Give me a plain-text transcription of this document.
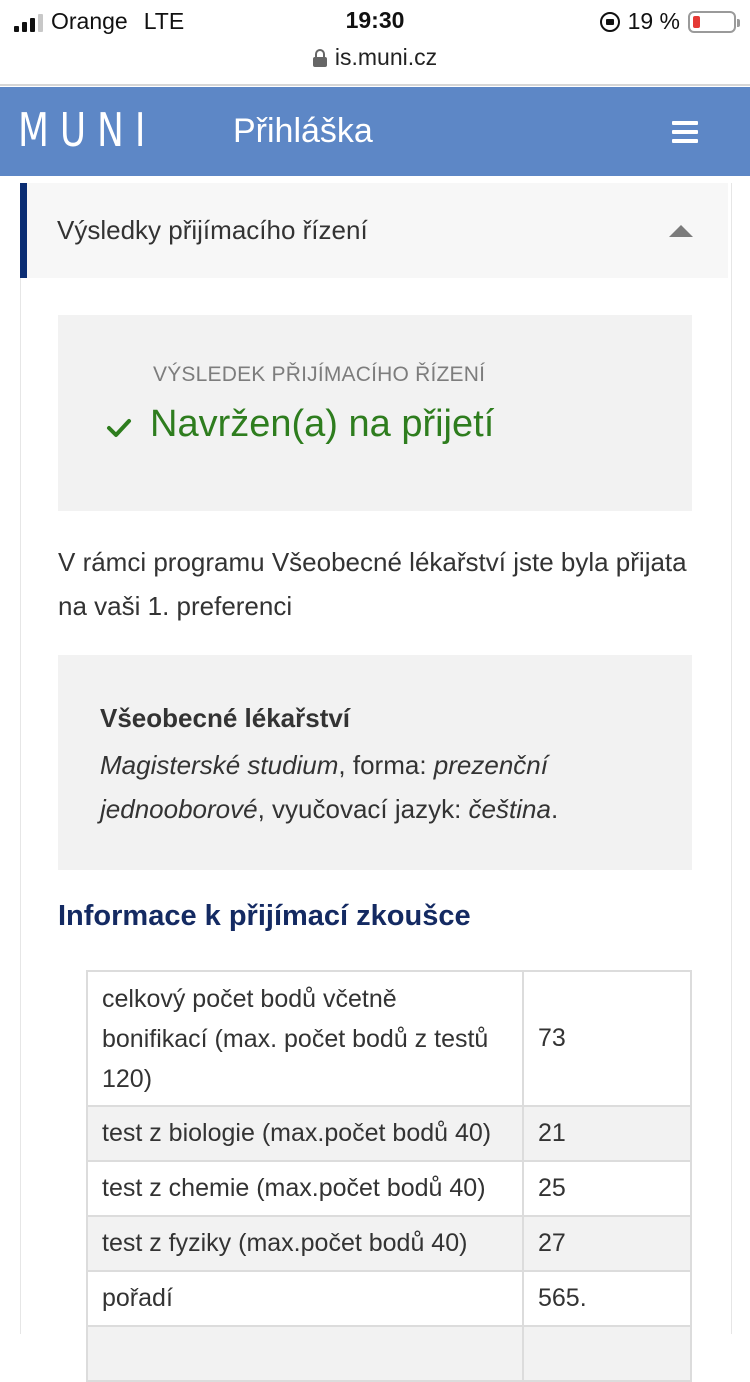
Orange LTE	19:30	19 %
is.muni.cz
MUNI Přihláška
Výsledky přijímacího řízení
VÝSLEDEK PŘIJÍMACÍHO ŘÍZENÍ
Navržen(a) na přijetí
V rámci programu Všeobecné lékařství jste byla přijata na vaši 1. preferenci
Všeobecné lékařství
Magisterské studium, forma: prezenční jednooborové, vyučovací jazyk: čeština.
Informace k přijímací zkoušce
celkový počet bodů včetně bonifikací (max. počet bodů z testů 120)	73
test z biologie (max.počet bodů 40)	21
test z chemie (max.počet bodů 40)	25
test z fyziky (max.počet bodů 40)	27
pořadí	565.
